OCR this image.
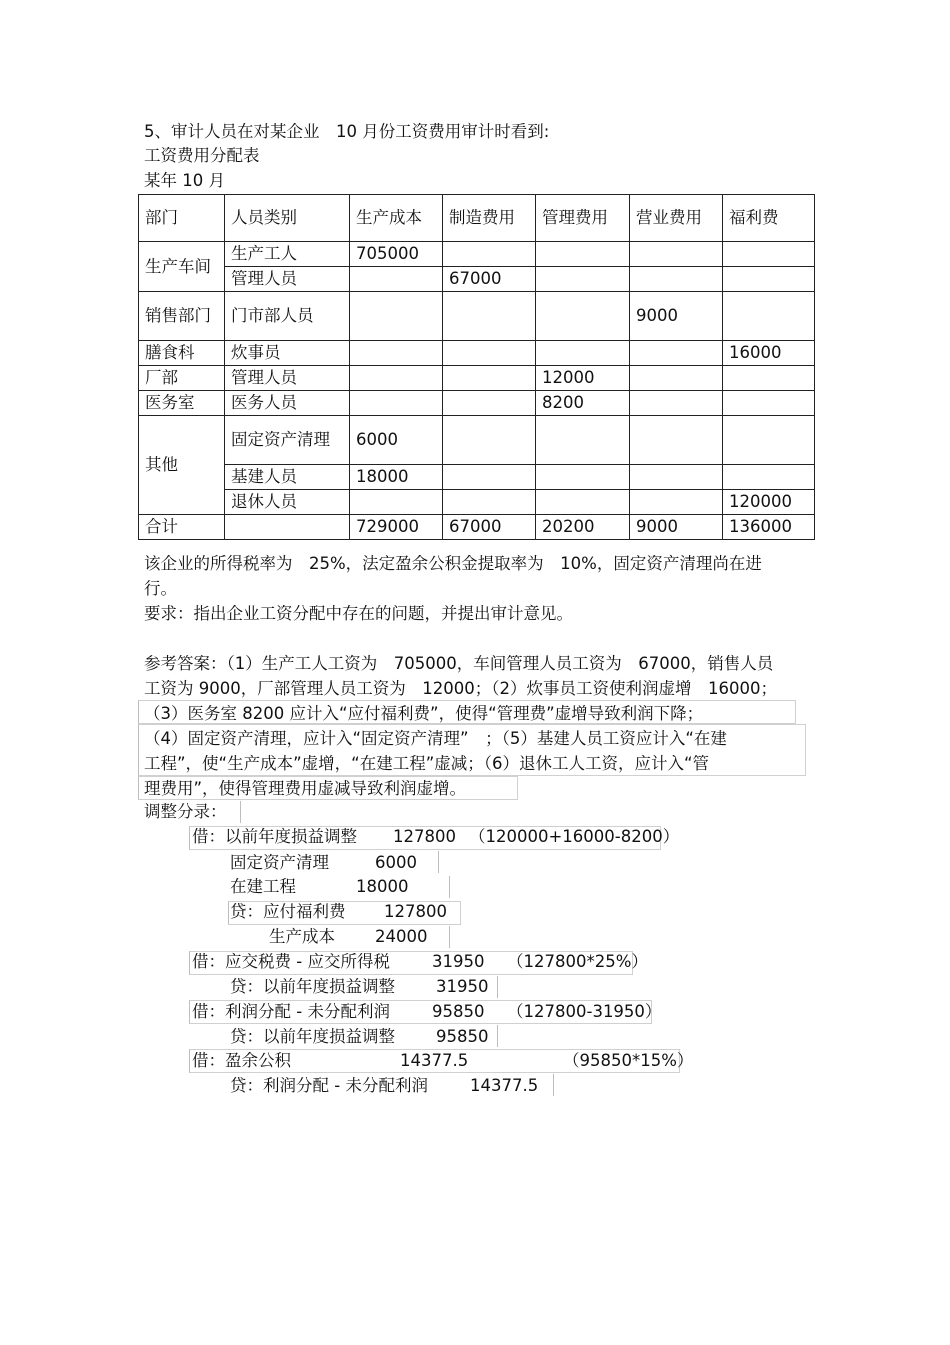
5、审计人员在对某企业　10 月份工资费用审计时看到:
工资费用分配表
某年 10 月
部门	人员类别	生产成本	制造费用	管理费用	营业费用	福利费
生产车间	生产工人	705000				
	管理人员		67000			
销售部门	门市部人员				9000	
膳食科	炊事员					16000
厂部	管理人员			12000		
医务室	医务人员			8200		
其他	固定资产清理	6000				
	基建人员	18000				
	退休人员					120000
合计		729000	67000	20200	9000	136000

该企业的所得税率为　25%，法定盈余公积金提取率为　10%，固定资产清理尚在进

行。

要求：指出企业工资分配中存在的问题，并提出审计意见。

参考答案：（1）生产工人工资为　705000，车间管理人员工资为　67000，销售人员

工资为 9000，厂部管理人员工资为　12000；（2）炊事员工资使利润虚增　16000；

（3）医务室 8200 应计入“应付福利费”，使得“管理费”虚增导致利润下降；

（4）固定资产清理，应计入“固定资产清理”　；（5）基建人员工资应计入“在建

工程”，使“生产成本”虚增，“在建工程”虚减；（6）退休工人工资，应计入“管

理费用”，使得管理费用虚减导致利润虚增。

调整分录：
借：以前年度损益调整 127800 （120000+16000-8200）
固定资产清理	6000
在建工程	18000
贷：应付福利费 127800
生产成本 24000
借：应交税费 - 应交所得税	31950 （127800*25%）
贷：以前年度损益调整 31950
借：利润分配 - 未分配利润	95850 （127800-31950）
贷：以前年度损益调整 95850
借：盈余公积	14377.5	（95850*15%）
贷：利润分配 - 未分配利润	14377.5
